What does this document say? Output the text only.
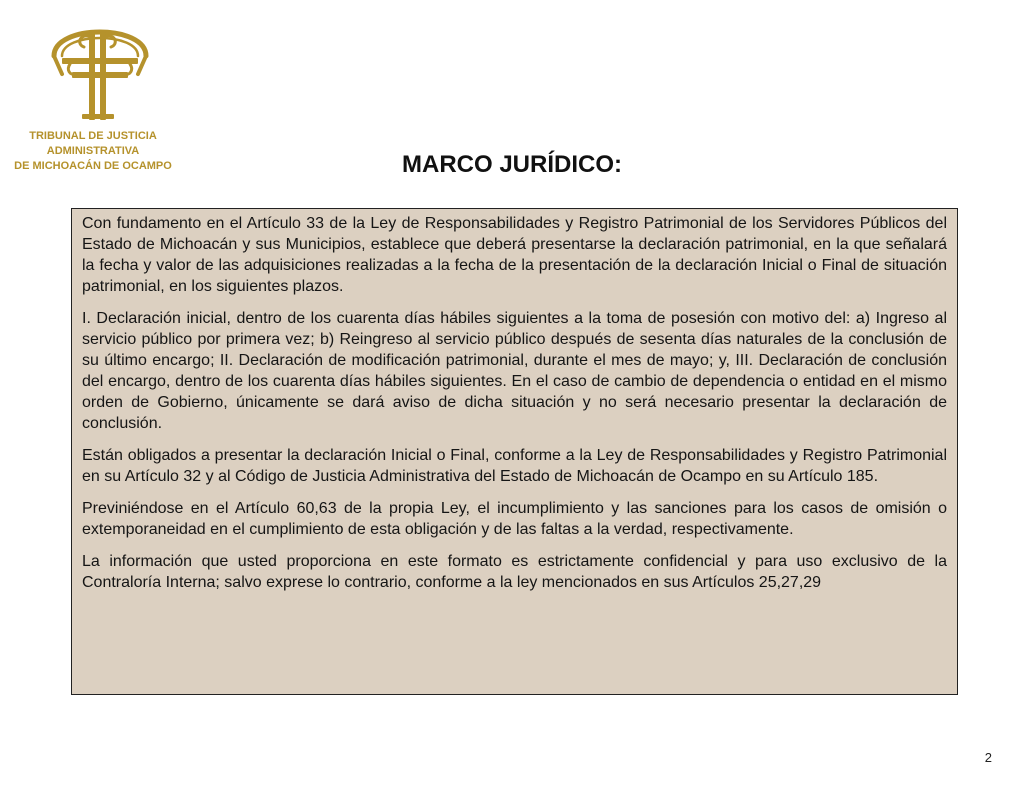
TRIBUNAL DE JUSTICIA
ADMINISTRATIVA
DE MICHOACÁN DE OCAMPO	MARCO JURÍDICO:

Con fundamento en el Artículo 33 de la Ley de Responsabilidades y Registro Patrimonial de los Servidores Públicos del Estado de Michoacán y sus Municipios, establece que deberá presentarse la declaración patrimonial, en la que señalará la fecha y valor de las adquisiciones realizadas a la fecha de la presentación de la declaración Inicial o Final de situación patrimonial, en los siguientes plazos.

I. Declaración inicial, dentro de los cuarenta días hábiles siguientes a la toma de posesión con motivo del: a) Ingreso al servicio público por primera vez; b) Reingreso al servicio público después de sesenta días naturales de la conclusión de su último encargo; II. Declaración de modificación patrimonial, durante el mes de mayo; y, III. Declaración de conclusión del encargo, dentro de los cuarenta días hábiles siguientes. En el caso de cambio de dependencia o entidad en el mismo orden de Gobierno, únicamente se dará aviso de dicha situación y no será necesario presentar la declaración de conclusión.

Están obligados a presentar la declaración Inicial o Final, conforme a la Ley de Responsabilidades y Registro Patrimonial en su Artículo 32 y al Código de Justicia Administrativa del Estado de Michoacán de Ocampo en su Artículo 185.

Previniéndose en el Artículo 60,63 de la propia Ley, el incumplimiento y las sanciones para los casos de omisión o extemporaneidad en el cumplimiento de esta obligación y de las faltas a la verdad, respectivamente.

La información que usted proporciona en este formato es estrictamente confidencial y para uso exclusivo de la Contraloría Interna; salvo exprese lo contrario, conforme a la ley mencionados en sus Artículos 25,27,29

2
